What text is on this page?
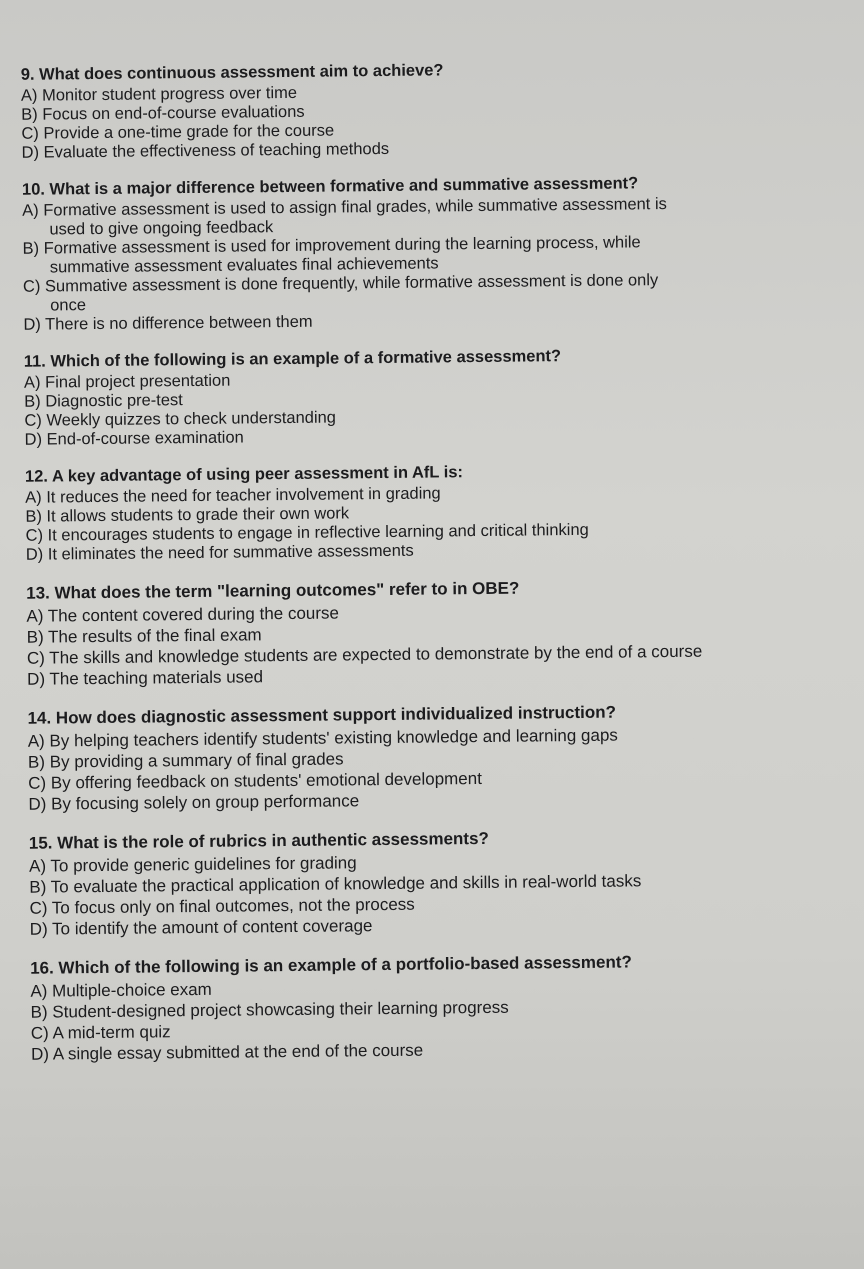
9. What does continuous assessment aim to achieve?
A) Monitor student progress over time
B) Focus on end-of-course evaluations
C) Provide a one-time grade for the course
D) Evaluate the effectiveness of teaching methods
10. What is a major difference between formative and summative assessment?
A) Formative assessment is used to assign final grades, while summative assessment is
used to give ongoing feedback
B) Formative assessment is used for improvement during the learning process, while
summative assessment evaluates final achievements
C) Summative assessment is done frequently, while formative assessment is done only
once
D) There is no difference between them
11. Which of the following is an example of a formative assessment?
A) Final project presentation
B) Diagnostic pre-test
C) Weekly quizzes to check understanding
D) End-of-course examination
12. A key advantage of using peer assessment in AfL is:
A) It reduces the need for teacher involvement in grading
B) It allows students to grade their own work
C) It encourages students to engage in reflective learning and critical thinking
D) It eliminates the need for summative assessments
13. What does the term "learning outcomes" refer to in OBE?
A) The content covered during the course
B) The results of the final exam
C) The skills and knowledge students are expected to demonstrate by the end of a course
D) The teaching materials used
14. How does diagnostic assessment support individualized instruction?
A) By helping teachers identify students' existing knowledge and learning gaps
B) By providing a summary of final grades
C) By offering feedback on students' emotional development
D) By focusing solely on group performance
15. What is the role of rubrics in authentic assessments?
A) To provide generic guidelines for grading
B) To evaluate the practical application of knowledge and skills in real-world tasks
C) To focus only on final outcomes, not the process
D) To identify the amount of content coverage
16. Which of the following is an example of a portfolio-based assessment?
A) Multiple-choice exam
B) Student-designed project showcasing their learning progress
C) A mid-term quiz
D) A single essay submitted at the end of the course
